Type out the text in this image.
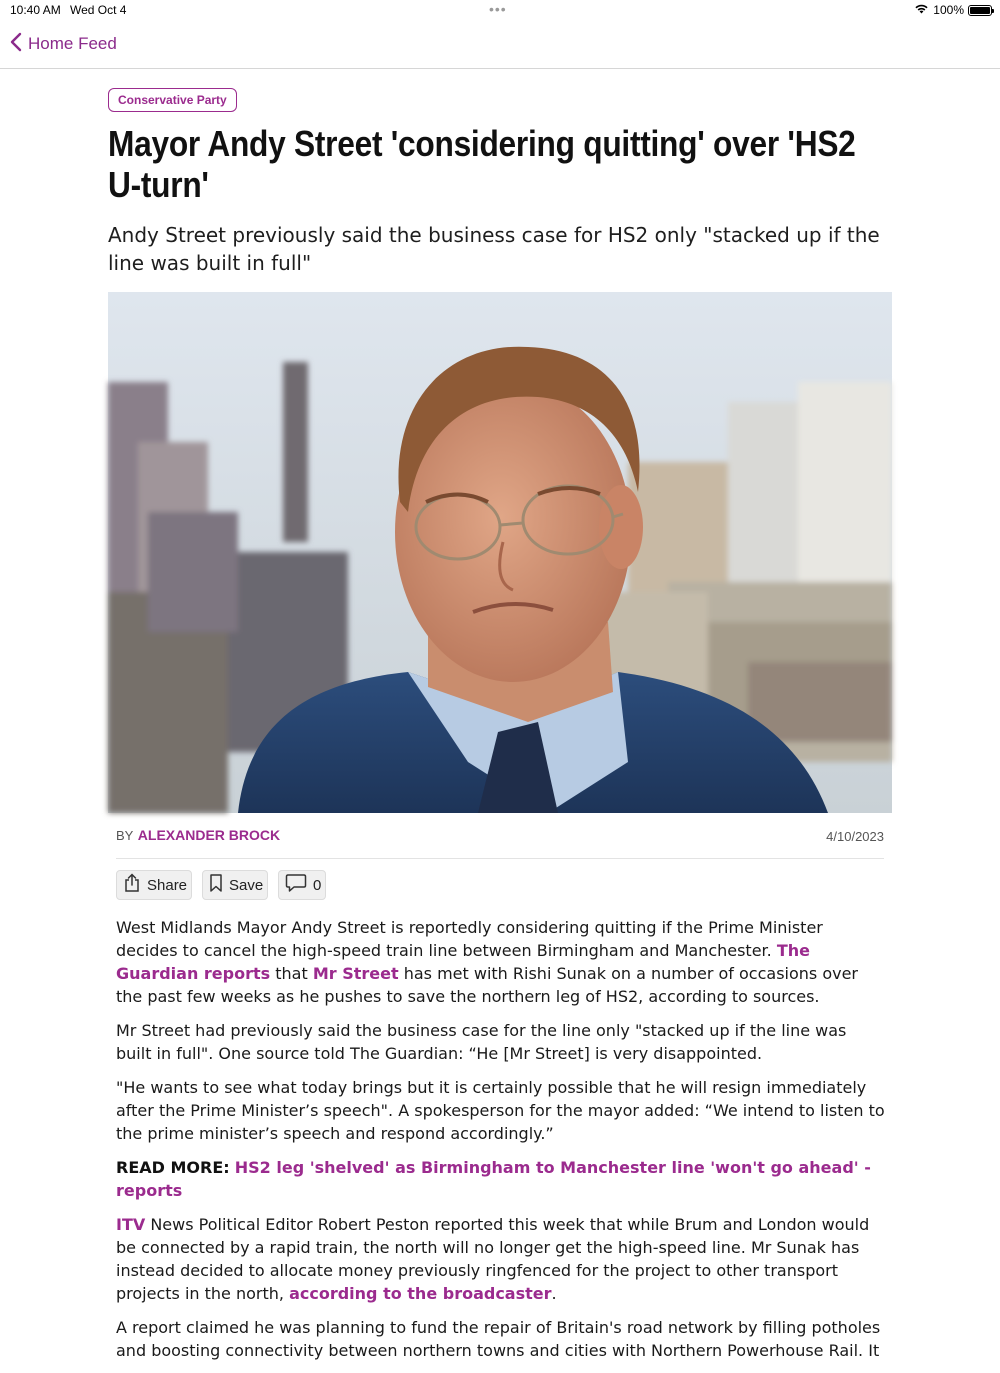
10:40 AM Wed Oct 4	•••	100%
Home Feed
Conservative Party
Mayor Andy Street 'considering quitting' over 'HS2 U-turn'

Andy Street previously said the business case for HS2 only "stacked up if the line was built in full"

BY ALEXANDER BROCK	4/10/2023
Share	Save	0

West Midlands Mayor Andy Street is reportedly considering quitting if the Prime Minister decides to cancel the high-speed train line between Birmingham and Manchester. The Guardian reports that Mr Street has met with Rishi Sunak on a number of occasions over the past few weeks as he pushes to save the northern leg of HS2, according to sources.

Mr Street had previously said the business case for the line only "stacked up if the line was built in full". One source told The Guardian: “He [Mr Street] is very disappointed.

"He wants to see what today brings but it is certainly possible that he will resign immediately after the Prime Minister’s speech". A spokesperson for the mayor added: “We intend to listen to the prime minister’s speech and respond accordingly.”

READ MORE: HS2 leg 'shelved' as Birmingham to Manchester line 'won't go ahead' - reports

ITV News Political Editor Robert Peston reported this week that while Brum and London would be connected by a rapid train, the north will no longer get the high-speed line. Mr Sunak has instead decided to allocate money previously ringfenced for the project to other transport projects in the north, according to the broadcaster.

A report claimed he was planning to fund the repair of Britain's road network by filling potholes and boosting connectivity between northern towns and cities with Northern Powerhouse Rail. It
